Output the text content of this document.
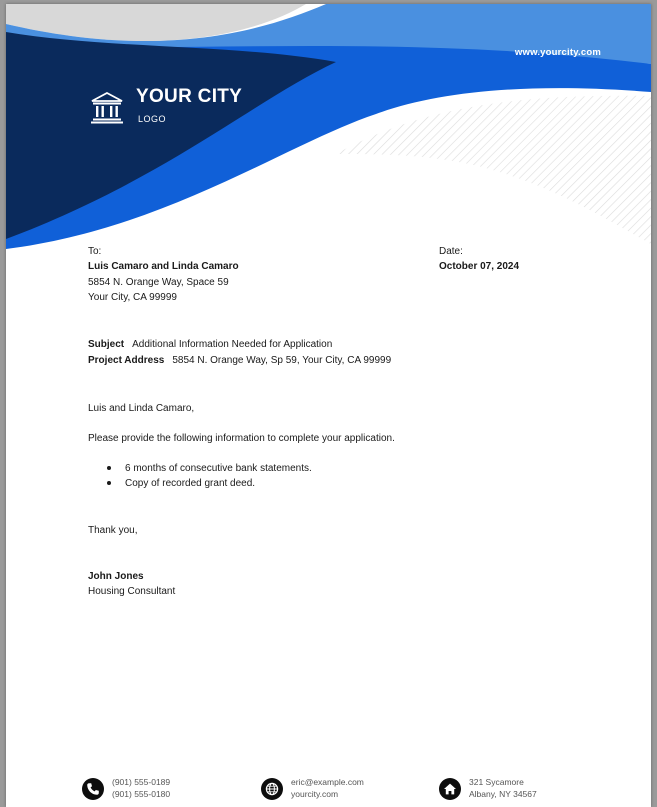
www.yourcity.com
YOUR CITY
LOGO
To:
Luis Camaro and Linda Camaro
5854 N. Orange Way, Space 59
Your City, CA 99999
Date:
October 07, 2024
Subject Additional Information Needed for Application
Project Address 5854 N. Orange Way, Sp 59, Your City, CA 99999
Luis and Linda Camaro,
Please provide the following information to complete your application.
6 months of consecutive bank statements.
Copy of recorded grant deed.
Thank you,
John Jones
Housing Consultant
(901) 555-0189
(901) 555-0180
eric@example.com
yourcity.com
321 Sycamore
Albany, NY 34567
